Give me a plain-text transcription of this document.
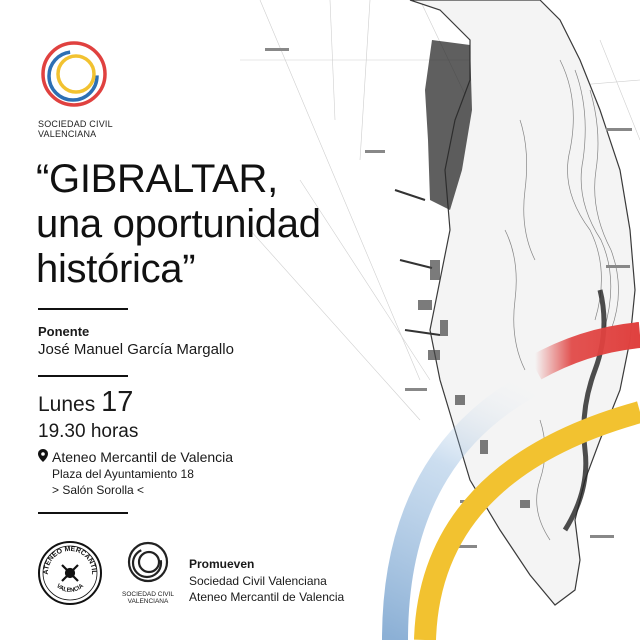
SOCIEDAD CIVIL
VALENCIANA
“GIBRALTAR,
una oportunidad
histórica”
Ponente
José Manuel García Margallo
Lunes 17
19.30 horas
Ateneo Mercantil de Valencia
Plaza del Ayuntamiento 18
> Salón Sorolla <
ATENEO MERCANTIL
VALENCIA
SOCIEDAD CIVIL
VALENCIANA
Promueven
Sociedad Civil Valenciana
Ateneo Mercantil de Valencia
